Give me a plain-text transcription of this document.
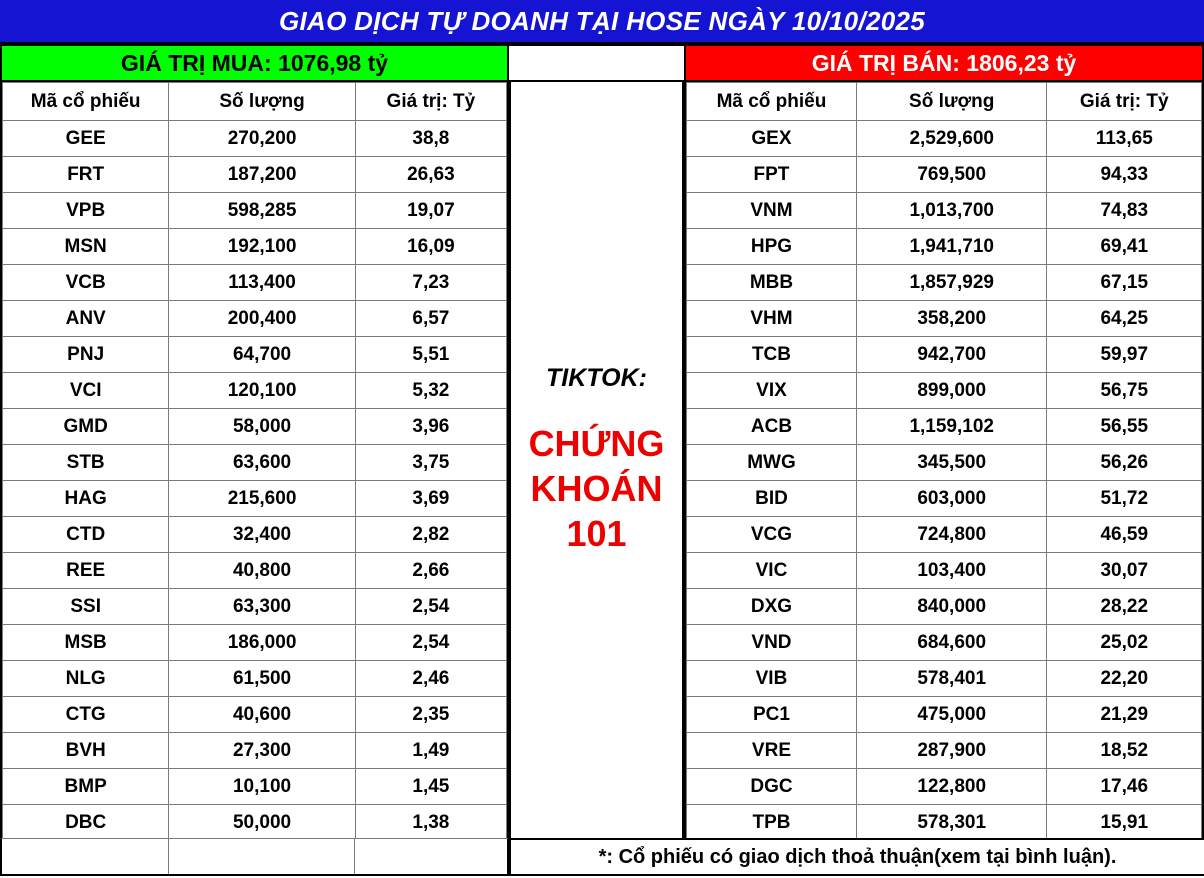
GIAO DỊCH TỰ DOANH TẠI HOSE NGÀY 10/10/2025
GIÁ TRỊ MUA: 1076,98 tỷ
Mã cổ phiếu	Số lượng	Giá trị: Tỷ
GEE	270,200	38,8
FRT	187,200	26,63
VPB	598,285	19,07
MSN	192,100	16,09
VCB	113,400	7,23
ANV	200,400	6,57
PNJ	64,700	5,51
VCI	120,100	5,32
GMD	58,000	3,96
STB	63,600	3,75
HAG	215,600	3,69
CTD	32,400	2,82
REE	40,800	2,66
SSI	63,300	2,54
MSB	186,000	2,54
NLG	61,500	2,46
CTG	40,600	2,35
BVH	27,300	1,49
BMP	10,100	1,45
DBC	50,000	1,38
TIKTOK:
CHỨNG
KHOÁN
101
GIÁ TRỊ BÁN: 1806,23 tỷ
Mã cổ phiếu	Số lượng	Giá trị: Tỷ
GEX	2,529,600	113,65
FPT	769,500	94,33
VNM	1,013,700	74,83
HPG	1,941,710	69,41
MBB	1,857,929	67,15
VHM	358,200	64,25
TCB	942,700	59,97
VIX	899,000	56,75
ACB	1,159,102	56,55
MWG	345,500	56,26
BID	603,000	51,72
VCG	724,800	46,59
VIC	103,400	30,07
DXG	840,000	28,22
VND	684,600	25,02
VIB	578,401	22,20
PC1	475,000	21,29
VRE	287,900	18,52
DGC	122,800	17,46
TPB	578,301	15,91
*: Cổ phiếu có giao dịch thoả thuận(xem tại bình luận).
